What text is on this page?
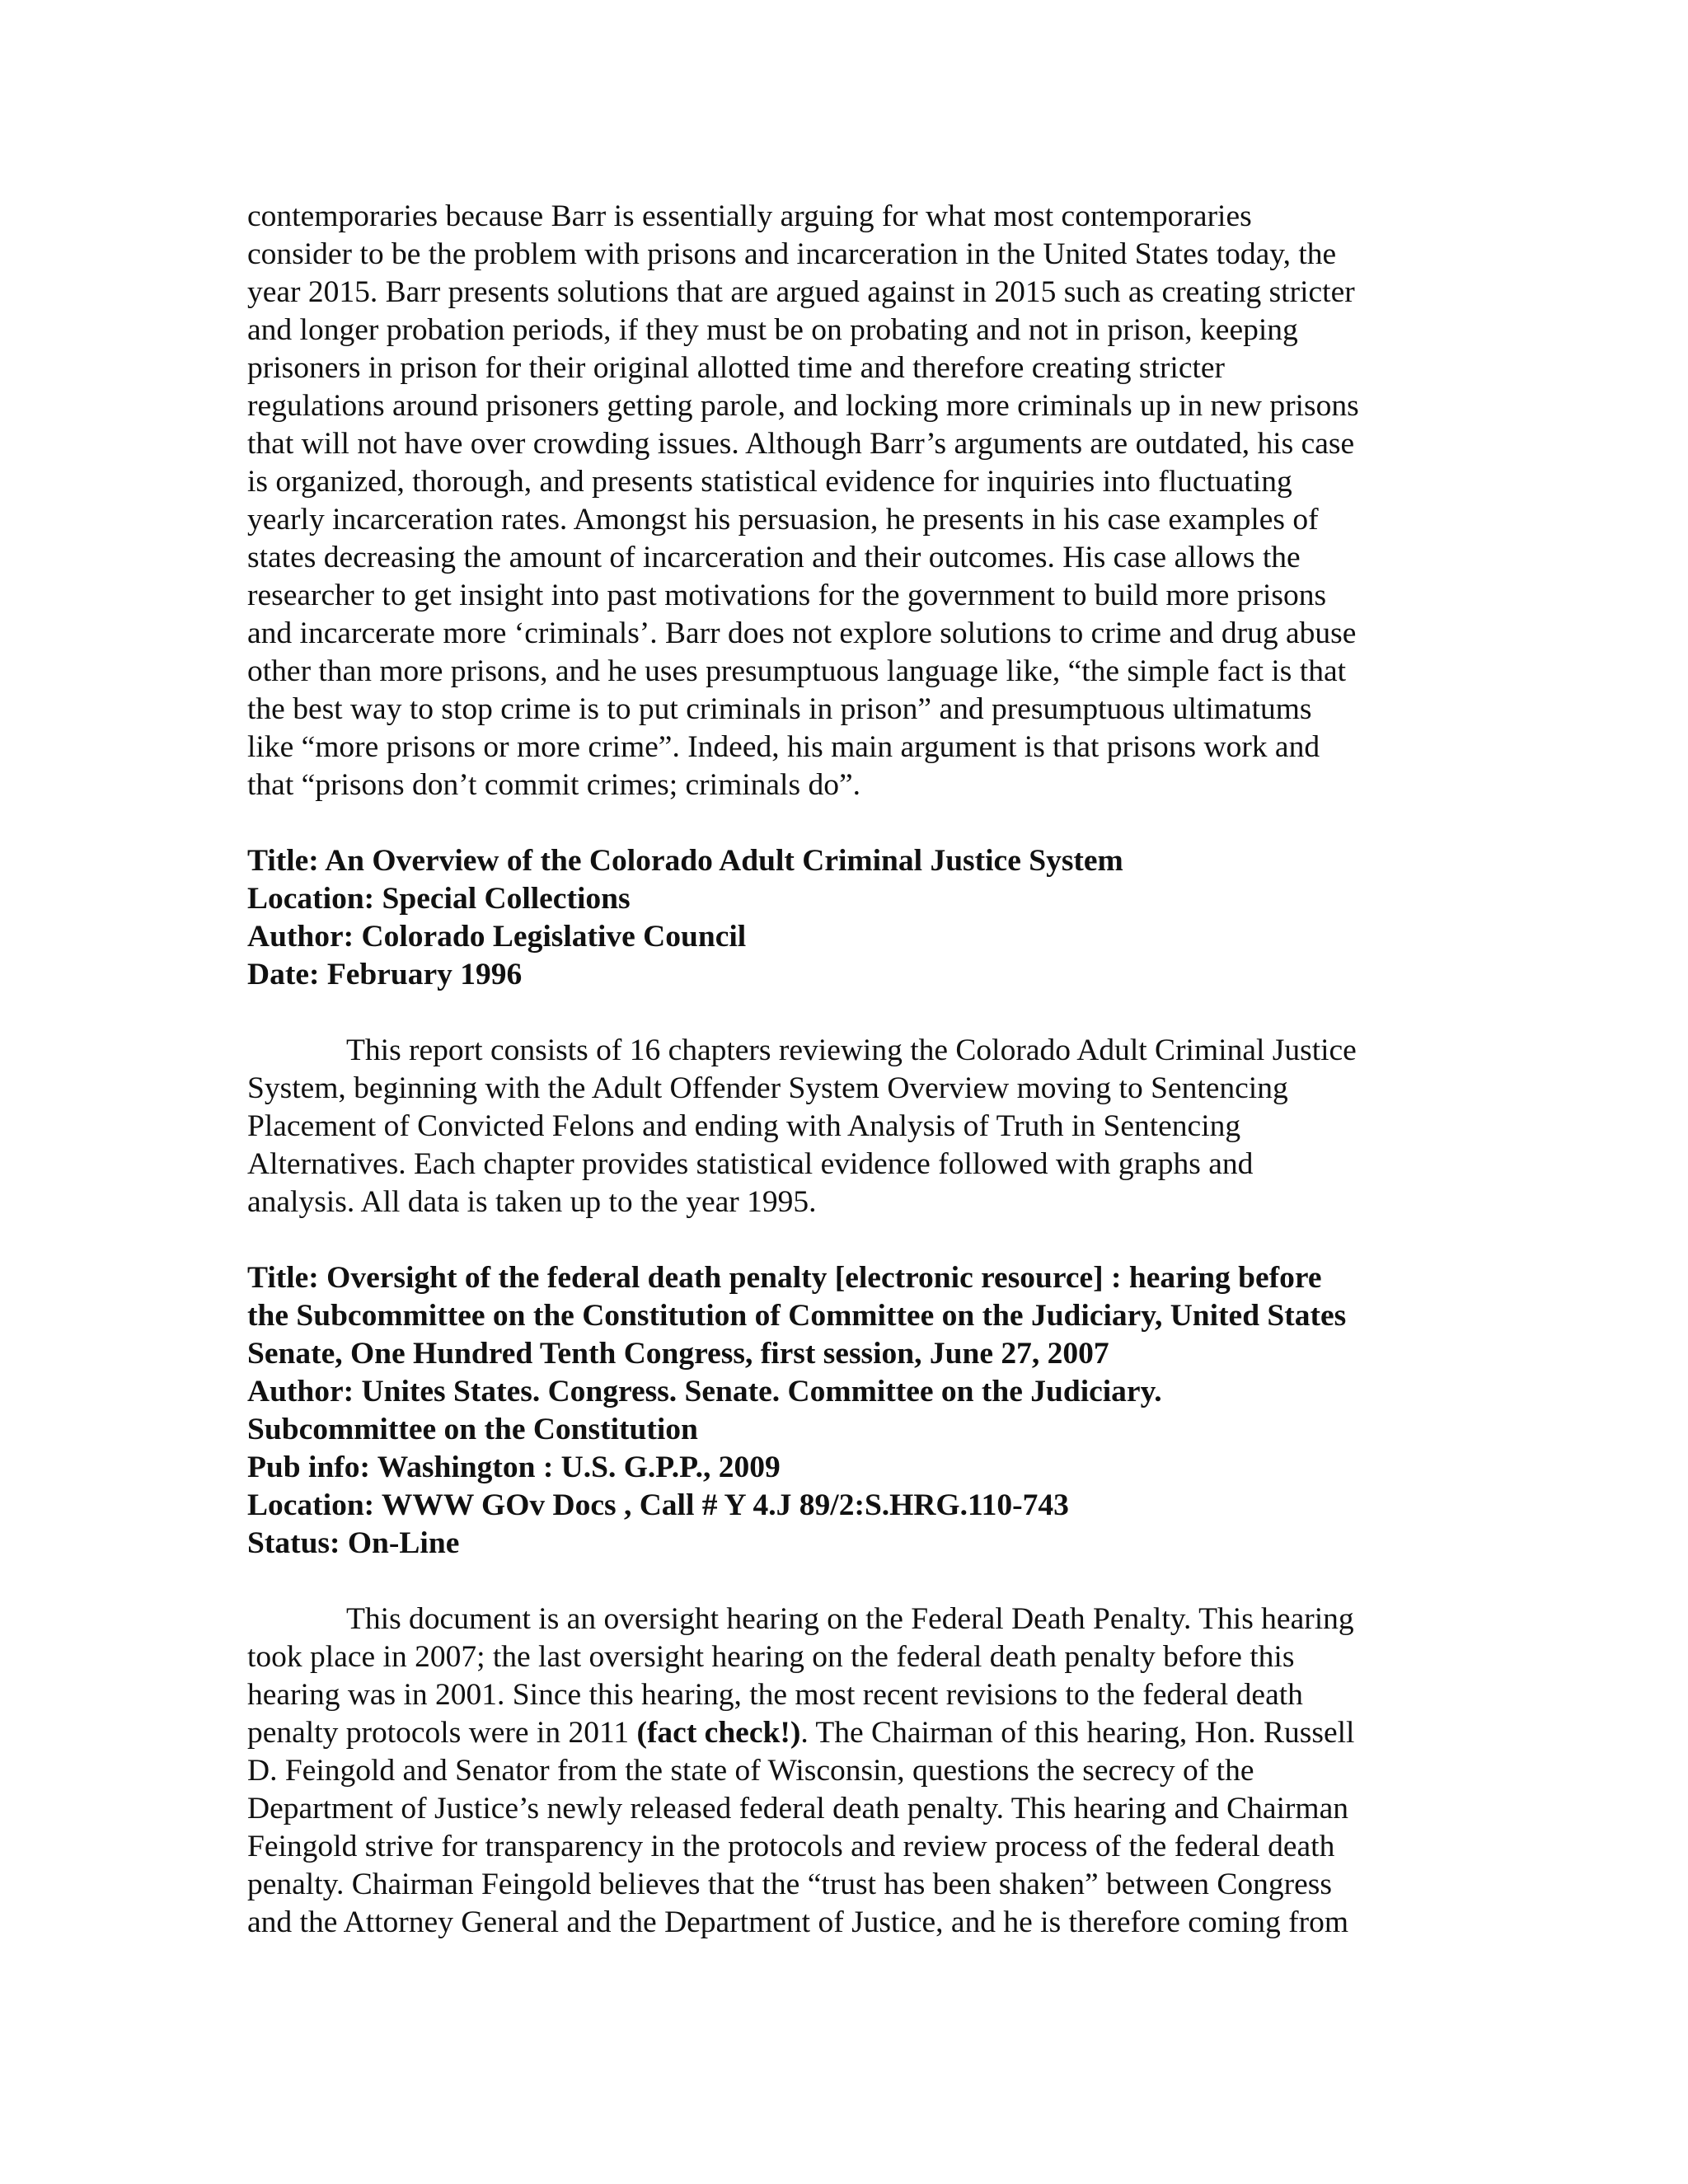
contemporaries because Barr is essentially arguing for what most contemporaries
consider to be the problem with prisons and incarceration in the United States today, the
year 2015. Barr presents solutions that are argued against in 2015 such as creating stricter
and longer probation periods, if they must be on probating and not in prison, keeping
prisoners in prison for their original allotted time and therefore creating stricter
regulations around prisoners getting parole, and locking more criminals up in new prisons
that will not have over crowding issues. Although Barr’s arguments are outdated, his case
is organized, thorough, and presents statistical evidence for inquiries into fluctuating
yearly incarceration rates. Amongst his persuasion, he presents in his case examples of
states decreasing the amount of incarceration and their outcomes. His case allows the
researcher to get insight into past motivations for the government to build more prisons
and incarcerate more ‘criminals’. Barr does not explore solutions to crime and drug abuse
other than more prisons, and he uses presumptuous language like, “the simple fact is that
the best way to stop crime is to put criminals in prison” and presumptuous ultimatums
like “more prisons or more crime”. Indeed, his main argument is that prisons work and
that “prisons don’t commit crimes; criminals do”.
Title: An Overview of the Colorado Adult Criminal Justice System
Location: Special Collections
Author: Colorado Legislative Council
Date: February 1996
This report consists of 16 chapters reviewing the Colorado Adult Criminal Justice
System, beginning with the Adult Offender System Overview moving to Sentencing
Placement of Convicted Felons and ending with Analysis of Truth in Sentencing
Alternatives. Each chapter provides statistical evidence followed with graphs and
analysis. All data is taken up to the year 1995.
Title: Oversight of the federal death penalty [electronic resource] : hearing before
the Subcommittee on the Constitution of Committee on the Judiciary, United States
Senate, One Hundred Tenth Congress, first session, June 27, 2007
Author: Unites States. Congress. Senate. Committee on the Judiciary.
Subcommittee on the Constitution
Pub info: Washington : U.S. G.P.P., 2009
Location: WWW GOv Docs , Call # Y 4.J 89/2:S.HRG.110-743
Status: On-Line
This document is an oversight hearing on the Federal Death Penalty. This hearing
took place in 2007; the last oversight hearing on the federal death penalty before this
hearing was in 2001. Since this hearing, the most recent revisions to the federal death
penalty protocols were in 2011 (fact check!). The Chairman of this hearing, Hon. Russell
D. Feingold and Senator from the state of Wisconsin, questions the secrecy of the
Department of Justice’s newly released federal death penalty. This hearing and Chairman
Feingold strive for transparency in the protocols and review process of the federal death
penalty. Chairman Feingold believes that the “trust has been shaken” between Congress
and the Attorney General and the Department of Justice, and he is therefore coming from
